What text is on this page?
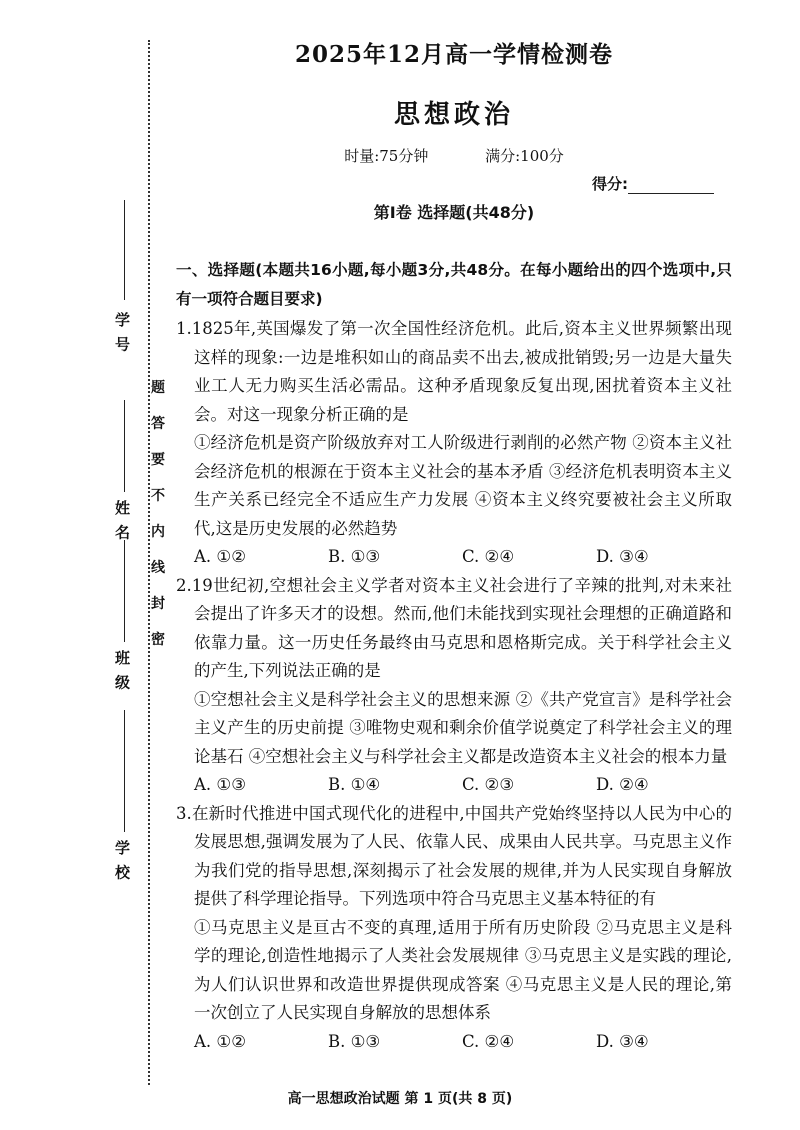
学 号
姓 名
班 级
学 校
题
答
要
不
内
线
封
密
2025年12月高一学情检测卷
思想政治
时量:75分钟	满分:100分
得分:
第Ⅰ卷 选择题(共48分)
一、选择题(本题共16小题,每小题3分,共48分。在每小题给出的四个选项中,只有一项符合题目要求)
1.1825年,英国爆发了第一次全国性经济危机。此后,资本主义世界频繁出现这样的现象:一边是堆积如山的商品卖不出去,被成批销毁;另一边是大量失业工人无力购买生活必需品。这种矛盾现象反复出现,困扰着资本主义社会。对这一现象分析正确的是
①经济危机是资产阶级放弃对工人阶级进行剥削的必然产物 ②资本主义社会经济危机的根源在于资本主义社会的基本矛盾 ③经济危机表明资本主义生产关系已经完全不适应生产力发展 ④资本主义终究要被社会主义所取代,这是历史发展的必然趋势
A. ①②	B. ①③	C. ②④	D. ③④
2.19世纪初,空想社会主义学者对资本主义社会进行了辛辣的批判,对未来社会提出了许多天才的设想。然而,他们未能找到实现社会理想的正确道路和依靠力量。这一历史任务最终由马克思和恩格斯完成。关于科学社会主义的产生,下列说法正确的是
①空想社会主义是科学社会主义的思想来源 ②《共产党宣言》是科学社会主义产生的历史前提 ③唯物史观和剩余价值学说奠定了科学社会主义的理论基石 ④空想社会主义与科学社会主义都是改造资本主义社会的根本力量
A. ①③	B. ①④	C. ②③	D. ②④
3.在新时代推进中国式现代化的进程中,中国共产党始终坚持以人民为中心的发展思想,强调发展为了人民、依靠人民、成果由人民共享。马克思主义作为我们党的指导思想,深刻揭示了社会发展的规律,并为人民实现自身解放提供了科学理论指导。下列选项中符合马克思主义基本特征的有
①马克思主义是亘古不变的真理,适用于所有历史阶段 ②马克思主义是科学的理论,创造性地揭示了人类社会发展规律 ③马克思主义是实践的理论,为人们认识世界和改造世界提供现成答案 ④马克思主义是人民的理论,第一次创立了人民实现自身解放的思想体系
A. ①②	B. ①③	C. ②④	D. ③④
高一思想政治试题 第 1 页(共 8 页)
